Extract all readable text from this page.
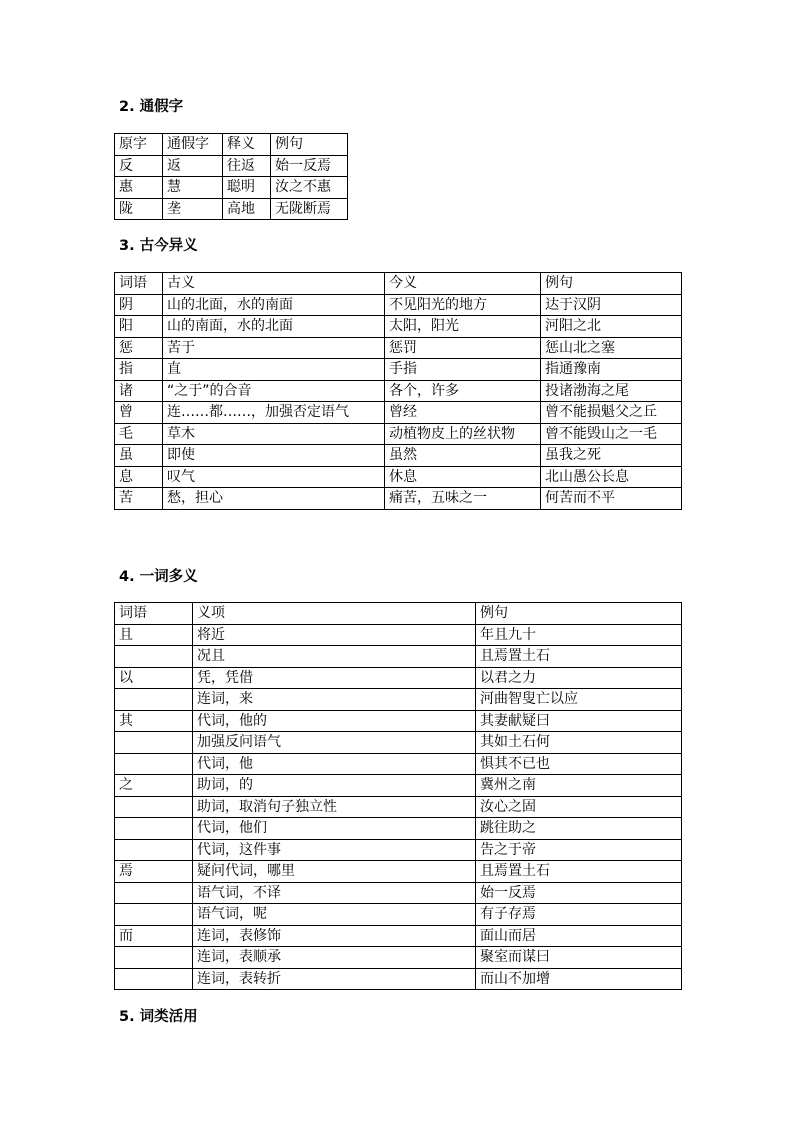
2. 通假字
原字	通假字	释义	例句
反	返	往返	始一反焉
惠	慧	聪明	汝之不惠
陇	垄	高地	无陇断焉
3. 古今异义
词语	古义	今义	例句
阴	山的北面，水的南面	不见阳光的地方	达于汉阴
阳	山的南面，水的北面	太阳，阳光	河阳之北
惩	苦于	惩罚	惩山北之塞
指	直	手指	指通豫南
诸	“之于”的合音	各个，许多	投诸渤海之尾
曾	连……都……，加强否定语气	曾经	曾不能损魁父之丘
毛	草木	动植物皮上的丝状物	曾不能毁山之一毛
虽	即使	虽然	虽我之死
息	叹气	休息	北山愚公长息
苦	愁，担心	痛苦，五味之一	何苦而不平
4. 一词多义
词语	义项	例句
且	将近	年且九十
	况且	且焉置土石
以	凭，凭借	以君之力
	连词，来	河曲智叟亡以应
其	代词，他的	其妻献疑曰
	加强反问语气	其如土石何
	代词，他	惧其不已也
之	助词，的	冀州之南
	助词，取消句子独立性	汝心之固
	代词，他们	跳往助之
	代词，这件事	告之于帝
焉	疑问代词，哪里	且焉置土石
	语气词，不译	始一反焉
	语气词，呢	有子存焉
而	连词，表修饰	面山而居
	连词，表顺承	聚室而谋曰
	连词，表转折	而山不加增
5. 词类活用
